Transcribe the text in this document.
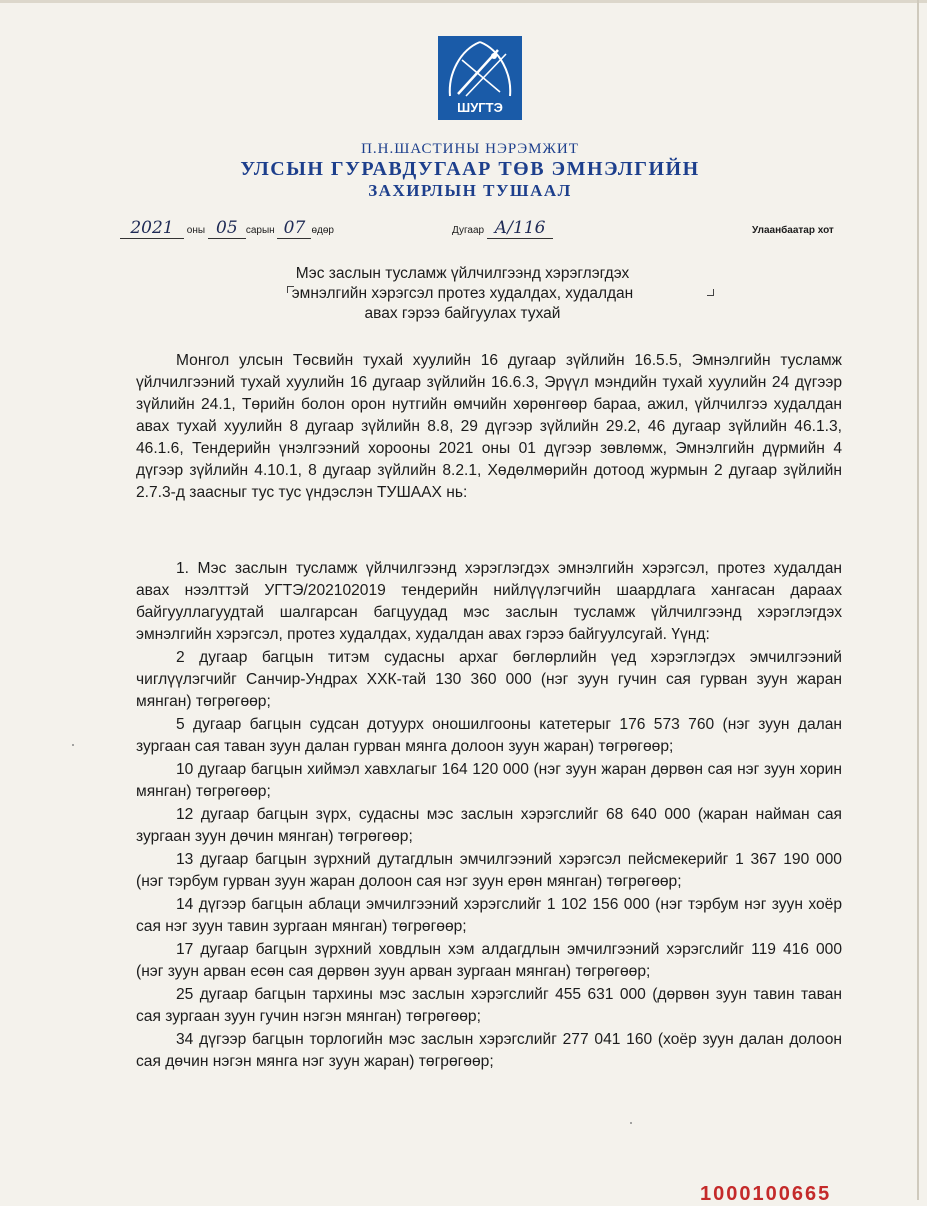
ШУГТЭ
П.Н.ШАСТИНЫ НЭРЭМЖИТ
УЛСЫН ГУРАВДУГААР ТӨВ ЭМНЭЛГИЙН
ЗАХИРЛЫН ТУШААЛ
2021 оны 05 сарын 07 өдөр	Дугаар А/116	Улаанбаатар хот
Мэс заслын тусламж үйлчилгээнд хэрэглэгдэх
эмнэлгийн хэрэгсэл протез худалдах, худалдан
авах гэрээ байгуулах тухай

Монгол улсын Төсвийн тухай хуулийн 16 дугаар зүйлийн 16.5.5, Эмнэлгийн тусламж үйлчилгээний тухай хуулийн 16 дугаар зүйлийн 16.6.3, Эрүүл мэндийн тухай хуулийн 24 дүгээр зүйлийн 24.1, Төрийн болон орон нутгийн өмчийн хөрөнгөөр бараа, ажил, үйлчилгээ худалдан авах тухай хуулийн 8 дугаар зүйлийн 8.8, 29 дүгээр зүйлийн 29.2, 46 дугаар зүйлийн 46.1.3, 46.1.6, Тендерийн үнэлгээний хорооны 2021 оны 01 дүгээр зөвлөмж, Эмнэлгийн дүрмийн 4 дүгээр зүйлийн 4.10.1, 8 дугаар зүйлийн 8.2.1, Хөдөлмөрийн дотоод журмын 2 дугаар зүйлийн 2.7.3-д заасныг тус тус үндэслэн ТУШААХ нь:

1. Мэс заслын тусламж үйлчилгээнд хэрэглэгдэх эмнэлгийн хэрэгсэл, протез худалдан авах нээлттэй УГТЭ/202102019 тендерийн нийлүүлэгчийн шаардлага хангасан дараах байгууллагуудтай шалгарсан багцуудад мэс заслын тусламж үйлчилгээнд хэрэглэгдэх эмнэлгийн хэрэгсэл, протез худалдах, худалдан авах гэрээ байгуулсугай. Үүнд:

2 дугаар багцын титэм судасны архаг бөглөрлийн үед хэрэглэгдэх эмчилгээний чиглүүлэгчийг Санчир-Ундрах ХХК-тай 130 360 000 (нэг зуун гучин сая гурван зуун жаран мянган) төгрөгөөр;

5 дугаар багцын судсан дотуурх оношилгооны катетерыг 176 573 760 (нэг зуун далан зургаан сая таван зуун далан гурван мянга долоон зуун жаран) төгрөгөөр;

10 дугаар багцын хиймэл хавхлагыг 164 120 000 (нэг зуун жаран дөрвөн сая нэг зуун хорин мянган) төгрөгөөр;

12 дугаар багцын зүрх, судасны мэс заслын хэрэгслийг 68 640 000 (жаран найман сая зургаан зуун дөчин мянган) төгрөгөөр;

13 дугаар багцын зүрхний дутагдлын эмчилгээний хэрэгсэл пейсмекерийг 1 367 190 000 (нэг тэрбум гурван зуун жаран долоон сая нэг зуун ерөн мянган) төгрөгөөр;

14 дүгээр багцын аблаци эмчилгээний хэрэгслийг 1 102 156 000 (нэг тэрбум нэг зуун хоёр сая нэг зуун тавин зургаан мянган) төгрөгөөр;

17 дугаар багцын зүрхний ховдлын хэм алдагдлын эмчилгээний хэрэгслийг 119 416 000 (нэг зуун арван есөн сая дөрвөн зуун арван зургаан мянган) төгрөгөөр;

25 дугаар багцын тархины мэс заслын хэрэгслийг 455 631 000 (дөрвөн зуун тавин таван сая зургаан зуун гучин нэгэн мянган) төгрөгөөр;

34 дүгээр багцын торлогийн мэс заслын хэрэгслийг 277 041 160 (хоёр зуун далан долоон сая дөчин нэгэн мянга нэг зуун жаран) төгрөгөөр;

1000100665
